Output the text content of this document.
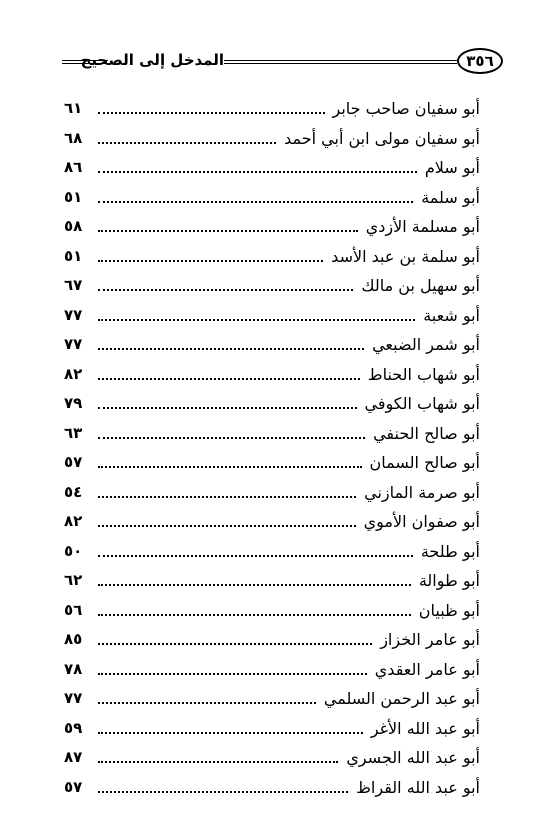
المدخل إلى الصحيح	٣٥٦
أبو سفيان صاحب جابر
٦١
أبو سفيان مولى ابن أبي أحمد
٦٨
أبو سلام
٨٦
أبو سلمة
٥١
أبو مسلمة الأزدي
٥٨
أبو سلمة بن عبد الأسد
٥١
أبو سهيل بن مالك
٦٧
أبو شعبة
٧٧
أبو شمر الضبعي
٧٧
أبو شهاب الحناط
٨٢
أبو شهاب الكوفي
٧٩
أبو صالح الحنفي
٦٣
أبو صالح السمان
٥٧
أبو صرمة المازني
٥٤
أبو صفوان الأموي
٨٢
أبو طلحة
٥٠
أبو طوالة
٦٢
أبو ظبيان
٥٦
أبو عامر الخزاز
٨٥
أبو عامر العقدي
٧٨
أبو عبد الرحمن السلمي
٧٧
أبو عبد الله الأغر
٥٩
أبو عبد الله الجسري
٨٧
أبو عبد الله القراظ
٥٧
